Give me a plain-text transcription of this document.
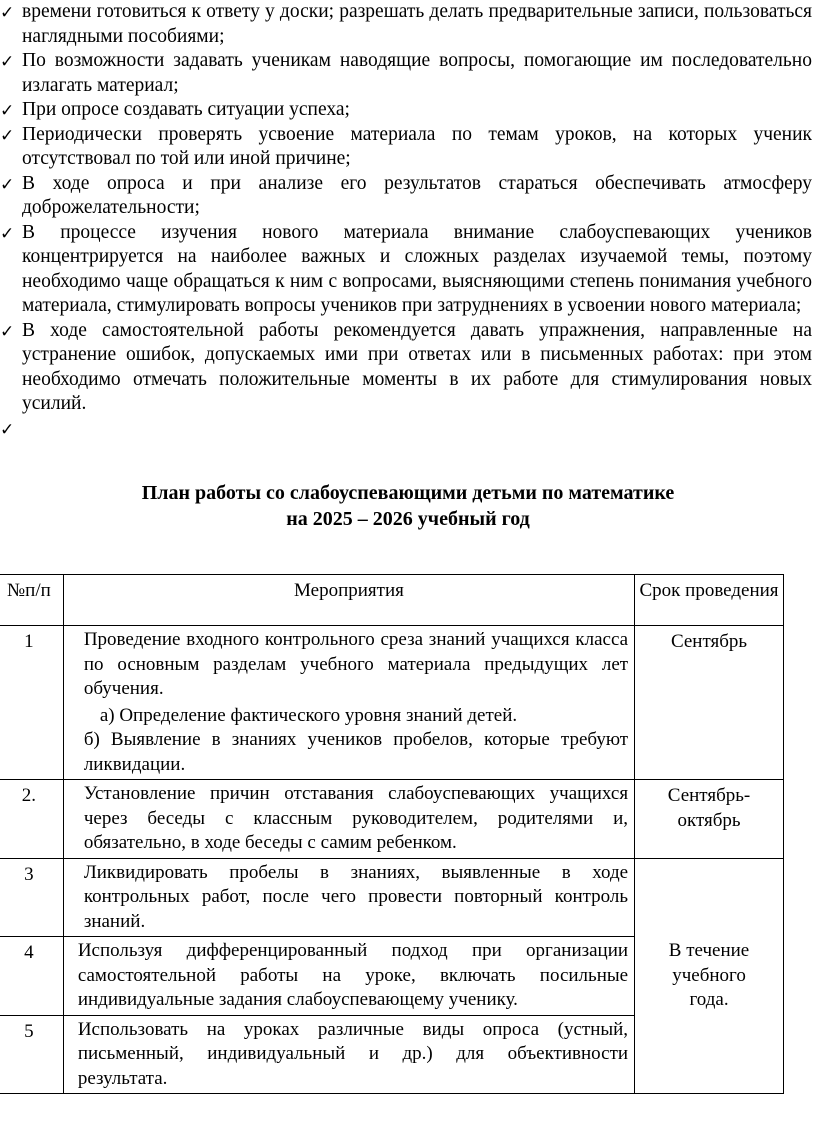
✓ времени готовиться к ответу у доски; разрешать делать предварительные записи, пользоваться наглядными пособиями;
✓ По возможности задавать ученикам наводящие вопросы, помогающие им последовательно излагать материал;
✓ При опросе создавать ситуации успеха;
✓ Периодически проверять усвоение материала по темам уроков, на которых ученик отсутствовал по той или иной причине;
✓ В ходе опроса и при анализе его результатов стараться обеспечивать атмосферу доброжелательности;
✓ В процессе изучения нового материала внимание слабоуспевающих учеников концентрируется на наиболее важных и сложных разделах изучаемой темы, поэтому необходимо чаще обращаться к ним с вопросами, выясняющими степень понимания учебного материала, стимулировать вопросы учеников при затруднениях в усвоении нового материала;
✓ В ходе самостоятельной работы рекомендуется давать упражнения, направленные на устранение ошибок, допускаемых ими при ответах или в письменных работах: при этом необходимо отмечать положительные моменты в их работе для стимулирования новых усилий.
✓

План работы со слабоуспевающими детьми по математике
на 2025 – 2026 учебный год
№п/п	Мероприятия	Срок проведения

1	Проведение входного контрольного среза знаний учащихся класса по основным разделам учебного материала предыдущих лет обучения.
а) Определение фактического уровня знаний детей.
б) Выявление в знаниях учеников пробелов, которые требуют ликвидации.	Сентябрь

2.	Установление причин отставания слабоуспевающих учащихся через беседы с классным руководителем, родителями и, обязательно, в ходе беседы с самим ребенком.	Сентябрь-октябрь

3	Ликвидировать пробелы в знаниях, выявленные в ходе контрольных работ, после чего провести повторный контроль знаний.	В течение учебного года.

4	Используя дифференцированный подход при организации самостоятельной работы на уроке, включать посильные индивидуальные задания слабоуспевающему ученику.	

5	Использовать на уроках различные виды опроса (устный, письменный, индивидуальный и др.) для объективности результата.	
